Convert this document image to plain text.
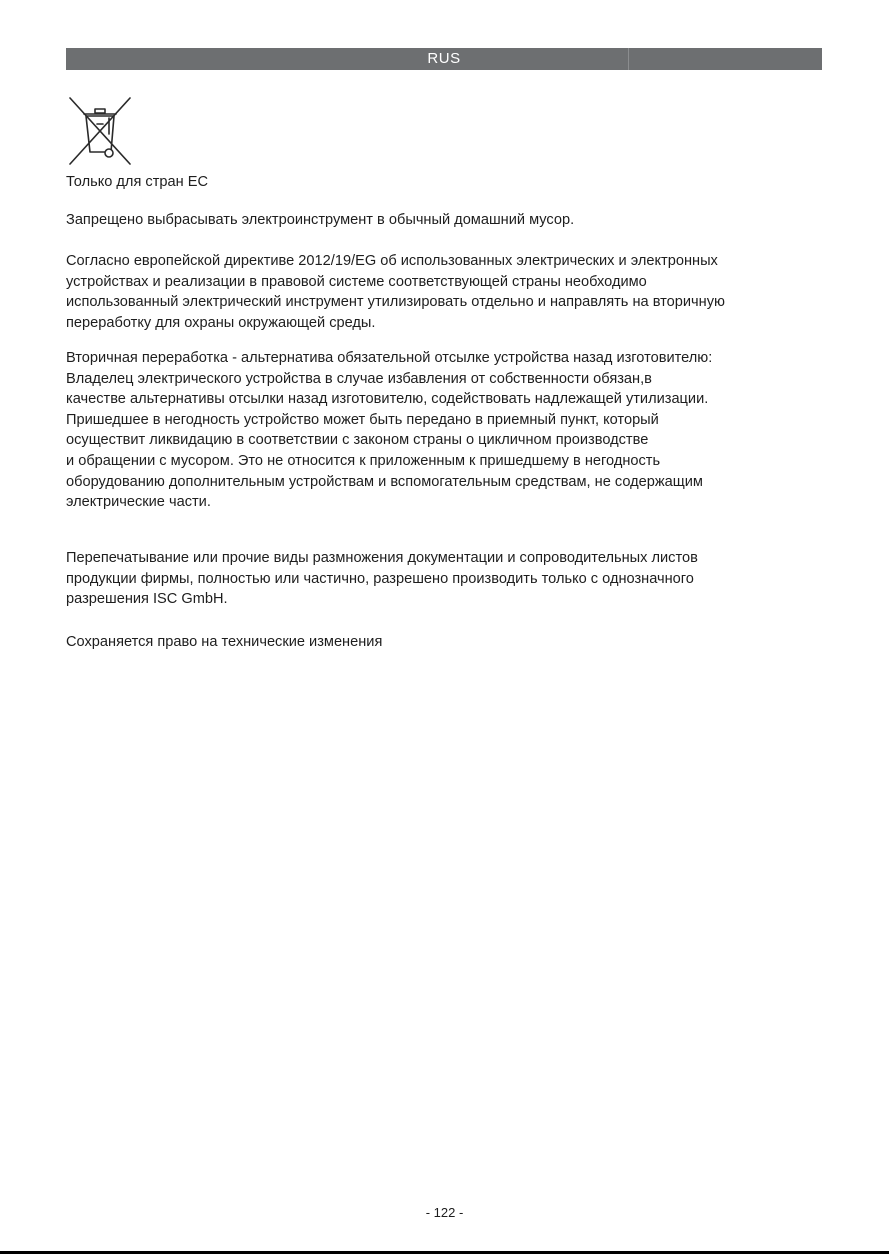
RUS

Только для стран ЕС

Запрещено выбрасывать электроинструмент в обычный домашний мусор.

Согласно европейской директиве 2012/19/EG об использованных электрических и электронных

устройствах и реализации в правовой системе соответствующей страны необходимо

использованный электрический инструмент утилизировать отдельно и направлять на вторичную

переработку для охраны окружающей среды.

Вторичная переработка - альтернатива обязательной отсылке устройства назад изготовителю:

Владелец электрического устройства в случае избавления от собственности обязан,в

качестве альтернативы отсылки назад изготовителю, содействовать надлежащей утилизации.

Пришедшее в негодность устройство может быть передано в приемный пункт, который

осуществит ликвидацию в соответствии с законом страны о цикличном производстве

и обращении с мусором. Это не относится к приложенным к пришедшему в негодность

оборудованию дополнительным устройствам и вспомогательным средствам, не содержащим

электрические части.

Перепечатывание или прочие виды размножения документации и сопроводительных листов

продукции фирмы, полностью или частично, разрешено производить только с однозначного

разрешения ISC GmbH.

Сохраняется право на технические изменения

- 122 -
